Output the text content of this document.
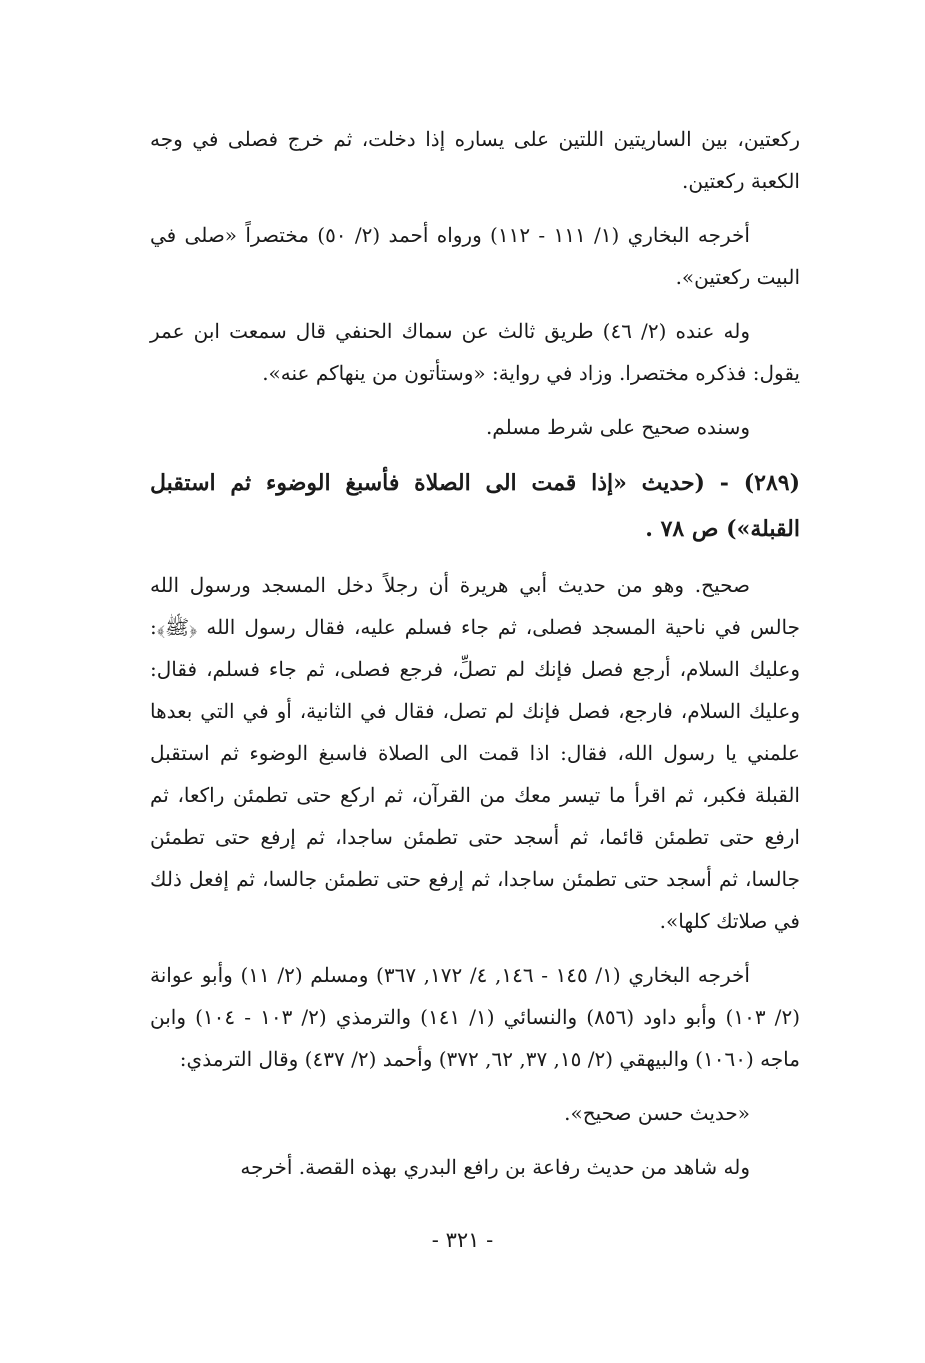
ركعتين، بين الساريتين اللتين على يساره إذا دخلت، ثم خرج فصلى في وجه الكعبة ركعتين.

أخرجه البخاري (١/ ١١١ - ١١٢) ورواه أحمد (٢/ ٥٠) مختصراً «صلى في البيت ركعتين».

وله عنده (٢/ ٤٦) طريق ثالث عن سماك الحنفي قال سمعت ابن عمر يقول: فذكره مختصرا. وزاد في رواية: «وستأتون من ينهاكم عنه».

وسنده صحيح على شرط مسلم.

(٢٨٩) - (حديث «إذا قمت الى الصلاة فأسبغ الوضوء ثم استقبل القبلة») ص ٧٨ .

صحيح. وهو من حديث أبي هريرة أن رجلاً دخل المسجد ورسول الله جالس في ناحية المسجد فصلى، ثم جاء فسلم عليه، فقال رسول الله ﴿ﷺ﴾: وعليك السلام، أرجع فصل فإنك لم تصلِّ، فرجع فصلى، ثم جاء فسلم، فقال: وعليك السلام، فارجع، فصل فإنك لم تصل، فقال في الثانية، أو في التي بعدها علمني يا رسول الله، فقال: اذا قمت الى الصلاة فاسبغ الوضوء ثم استقبل القبلة فكبر، ثم اقرأ ما تيسر معك من القرآن، ثم اركع حتى تطمئن راكعا، ثم ارفع حتى تطمئن قائما، ثم أسجد حتى تطمئن ساجدا، ثم إرفع حتى تطمئن جالسا، ثم أسجد حتى تطمئن ساجدا، ثم إرفع حتى تطمئن جالسا، ثم إفعل ذلك في صلاتك كلها».

أخرجه البخاري (١/ ١٤٥ - ١٤٦, ٤/ ١٧٢, ٣٦٧) ومسلم (٢/ ١١) وأبو عوانة (٢/ ١٠٣) وأبو داود (٨٥٦) والنسائي (١/ ١٤١) والترمذي (٢/ ١٠٣ - ١٠٤) وابن ماجه (١٠٦٠) والبيهقي (٢/ ١٥, ٣٧, ٦٢, ٣٧٢) وأحمد (٢/ ٤٣٧) وقال الترمذي:

«حديث حسن صحيح».

وله شاهد من حديث رفاعة بن رافع البدري بهذه القصة. أخرجه

- ٣٢١ -
